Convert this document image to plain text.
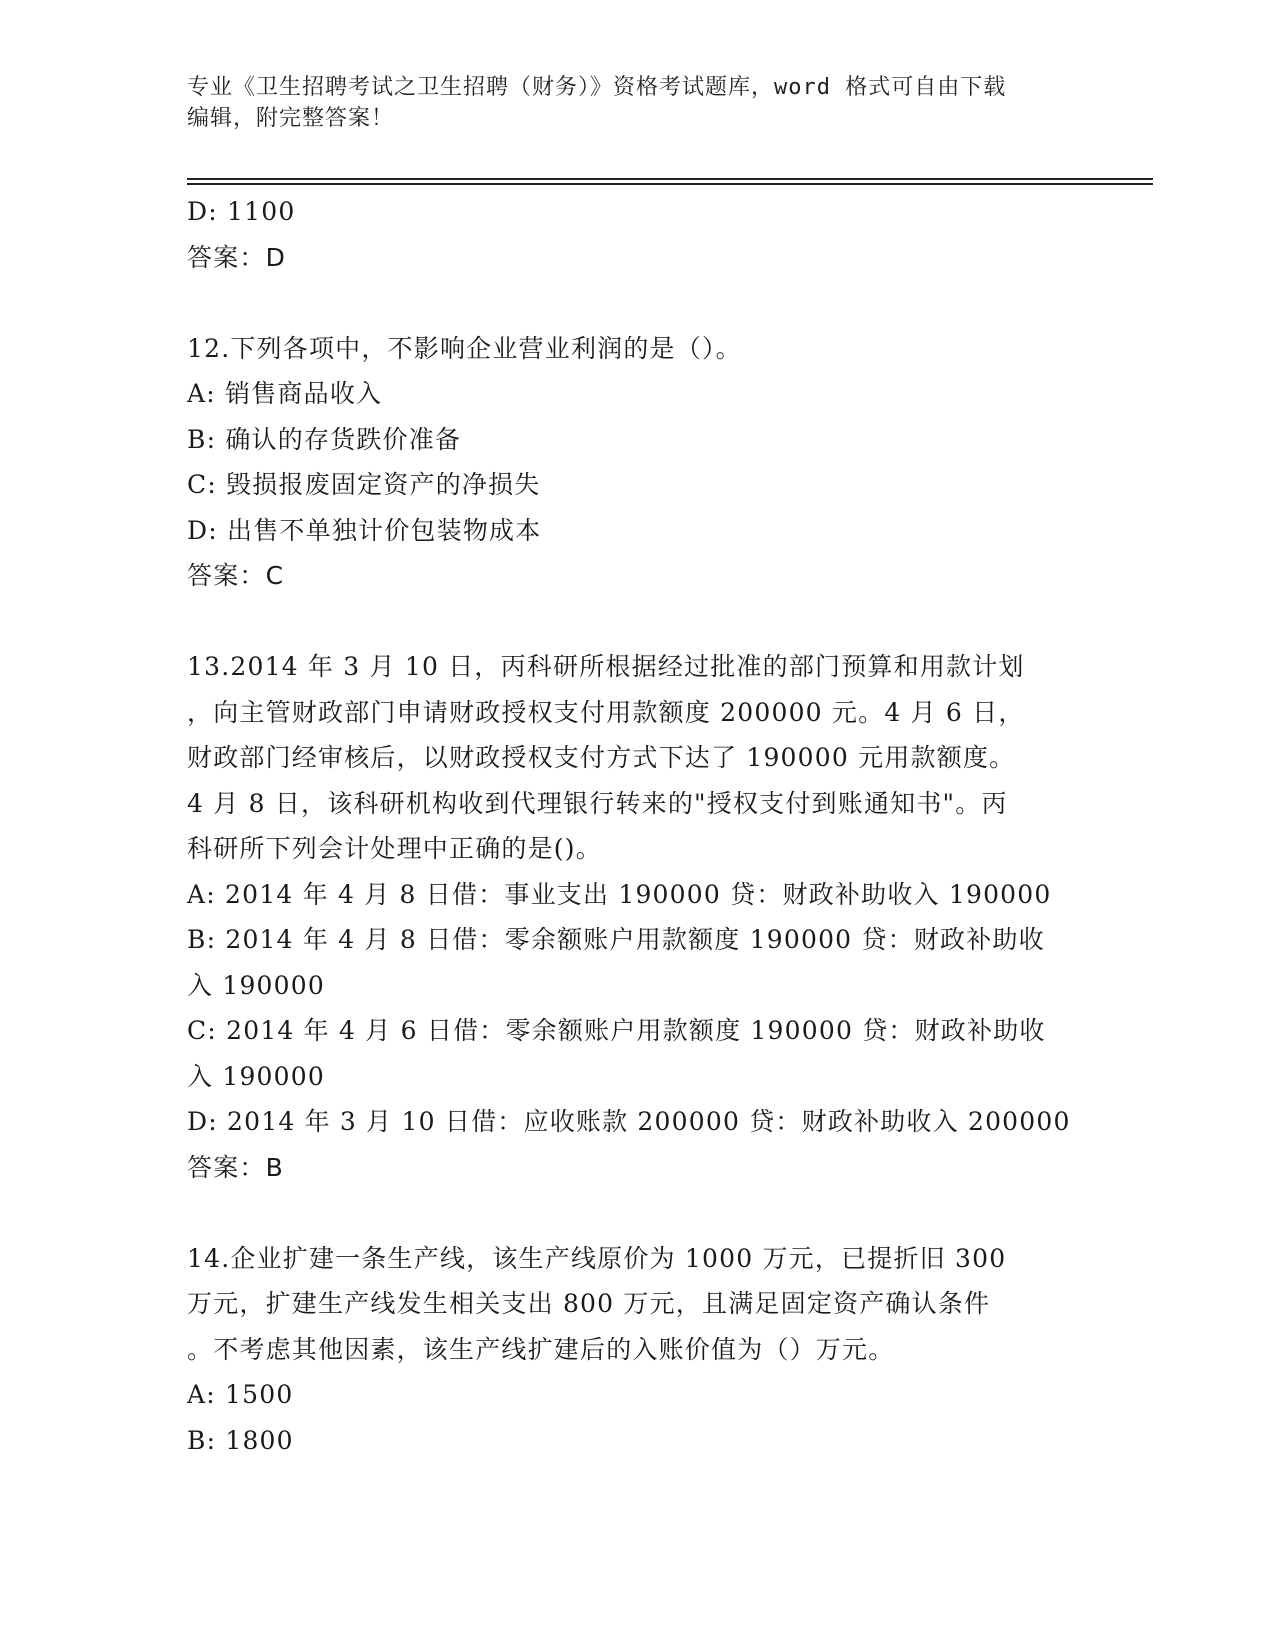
专业《卫生招聘考试之卫生招聘（财务）》资格考试题库，word 格式可自由下载
编辑，附完整答案！

D: 1100

答案：D

12.下列各项中，不影响企业营业利润的是（）。

A: 销售商品收入

B: 确认的存货跌价准备

C: 毁损报废固定资产的净损失

D: 出售不单独计价包装物成本

答案：C

13.2014 年 3 月 10 日，丙科研所根据经过批准的部门预算和用款计划

，向主管财政部门申请财政授权支付用款额度 200000 元。4 月 6 日，

财政部门经审核后，以财政授权支付方式下达了 190000 元用款额度。

4 月 8 日，该科研机构收到代理银行转来的"授权支付到账通知书"。丙

科研所下列会计处理中正确的是()。

A: 2014 年 4 月 8 日借：事业支出 190000 贷：财政补助收入 190000

B: 2014 年 4 月 8 日借：零余额账户用款额度 190000 贷：财政补助收

入 190000

C: 2014 年 4 月 6 日借：零余额账户用款额度 190000 贷：财政补助收

入 190000

D: 2014 年 3 月 10 日借：应收账款 200000 贷：财政补助收入 200000

答案：B

14.企业扩建一条生产线，该生产线原价为 1000 万元，已提折旧 300

万元，扩建生产线发生相关支出 800 万元，且满足固定资产确认条件

。不考虑其他因素，该生产线扩建后的入账价值为（）万元。

A: 1500

B: 1800
